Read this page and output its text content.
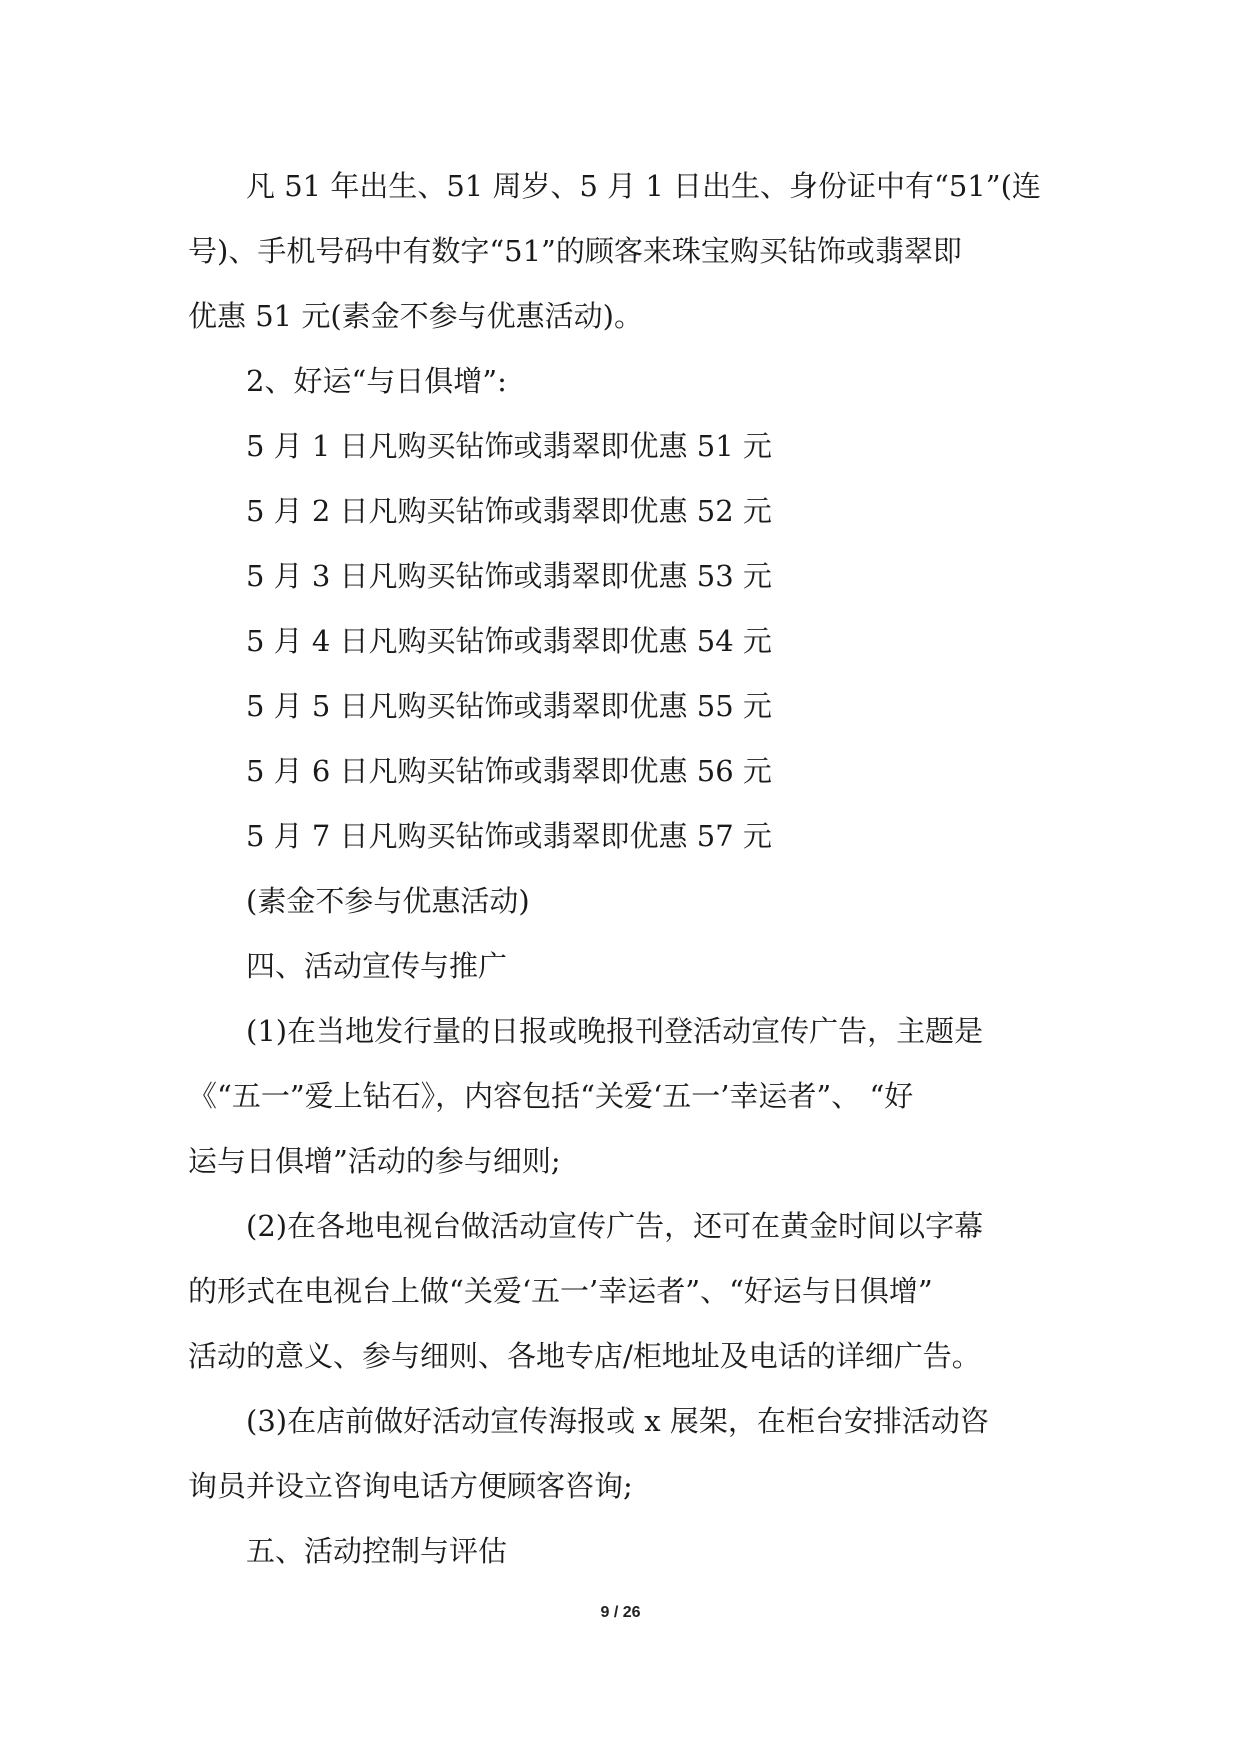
凡 51 年出生、51 周岁、5 月 1 日出生、身份证中有“51”(连
号)、手机号码中有数字“51”的顾客来珠宝购买钻饰或翡翠即
优惠 51 元(素金不参与优惠活动)。
2、好运“与日俱增”:
5 月 1 日凡购买钻饰或翡翠即优惠 51 元
5 月 2 日凡购买钻饰或翡翠即优惠 52 元
5 月 3 日凡购买钻饰或翡翠即优惠 53 元
5 月 4 日凡购买钻饰或翡翠即优惠 54 元
5 月 5 日凡购买钻饰或翡翠即优惠 55 元
5 月 6 日凡购买钻饰或翡翠即优惠 56 元
5 月 7 日凡购买钻饰或翡翠即优惠 57 元
(素金不参与优惠活动)
四、活动宣传与推广
(1)在当地发行量的日报或晚报刊登活动宣传广告，主题是
《“五一”爱上钻石》，内容包括“关爱‘五一’幸运者”、 “好
运与日俱增”活动的参与细则;
(2)在各地电视台做活动宣传广告，还可在黄金时间以字幕
的形式在电视台上做“关爱‘五一’幸运者”、“好运与日俱增”
活动的意义、参与细则、各地专店/柜地址及电话的详细广告。
(3)在店前做好活动宣传海报或 x 展架，在柜台安排活动咨
询员并设立咨询电话方便顾客咨询;
五、活动控制与评估
9 / 26
